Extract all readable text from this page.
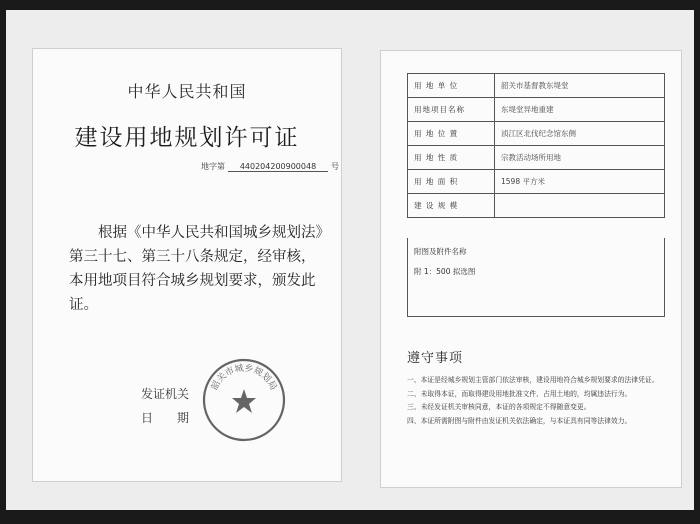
中华人民共和国
建设用地规划许可证
地字第 440204200900048 号
根据《中华人民共和国城乡规划法》第三十七、第三十八条规定，经审核，本用地项目符合城乡规划要求，颁发此证。
发证机关
日 期
韶关市城乡规划局
用 地 单 位	韶关市基督教东堤堂
用地项目名称	东堤堂异地重建
用 地 位 置	浈江区北伐纪念馆东侧
用 地 性 质	宗教活动场所用地
用 地 面 积	1598 平方米
建 设 规 模	
附图及附件名称
附 1：500 拟选图
遵守事项
一、本证是经城乡规划主管部门依法审核，建设用地符合城乡规划要求的法律凭证。
二、未取得本证，而取得建设用地批准文件、占用土地的，均属违法行为。
三、未经发证机关审核同意，本证的各项规定不得随意变更。
四、本证所需附图与附件由发证机关依法确定，与本证具有同等法律效力。
